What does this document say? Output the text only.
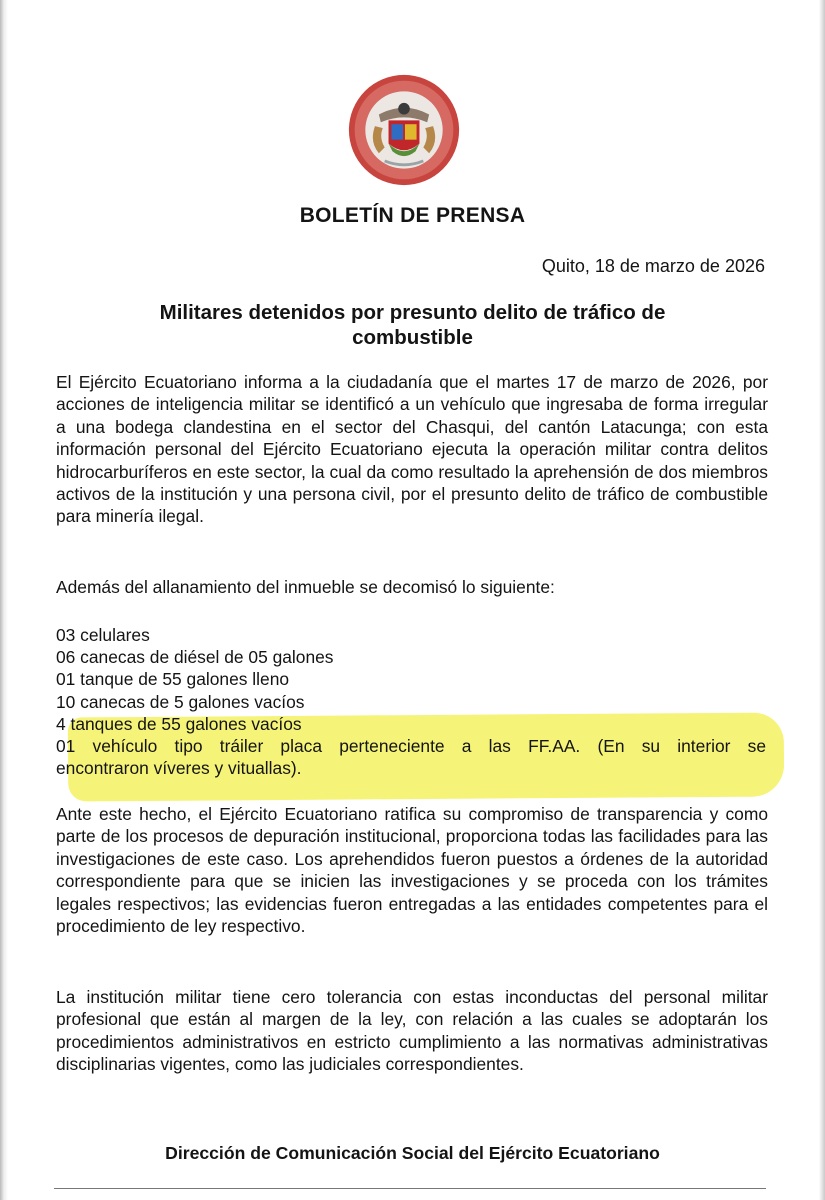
BOLETÍN DE PRENSA

Quito, 18 de marzo de 2026

Militares detenidos por presunto delito de tráfico de
combustible

El Ejército Ecuatoriano informa a la ciudadanía que el martes 17 de marzo de 2026, por acciones de inteligencia militar se identificó a un vehículo que ingresaba de forma irregular a una bodega clandestina en el sector del Chasqui, del cantón Latacunga; con esta información personal del Ejército Ecuatoriano ejecuta la operación militar contra delitos hidrocarburíferos en este sector, la cual da como resultado la aprehensión de dos miembros activos de la institución y una persona civil, por el presunto delito de tráfico de combustible para minería ilegal.

Además del allanamiento del inmueble se decomisó lo siguiente:

03 celulares
06 canecas de diésel de 05 galones
01 tanque de 55 galones lleno
10 canecas de 5 galones vacíos
4 tanques de 55 galones vacíos
01 vehículo tipo tráiler placa perteneciente a las FF.AA. (En su interior se
encontraron víveres y vituallas).

Ante este hecho, el Ejército Ecuatoriano ratifica su compromiso de transparencia y como parte de los procesos de depuración institucional, proporciona todas las facilidades para las investigaciones de este caso. Los aprehendidos fueron puestos a órdenes de la autoridad correspondiente para que se inicien las investigaciones y se proceda con los trámites legales respectivos; las evidencias fueron entregadas a las entidades competentes para el procedimiento de ley respectivo.

La institución militar tiene cero tolerancia con estas inconductas del personal militar profesional que están al margen de la ley, con relación a las cuales se adoptarán los procedimientos administrativos en estricto cumplimiento a las normativas administrativas disciplinarias vigentes, como las judiciales correspondientes.

Dirección de Comunicación Social del Ejército Ecuatoriano
